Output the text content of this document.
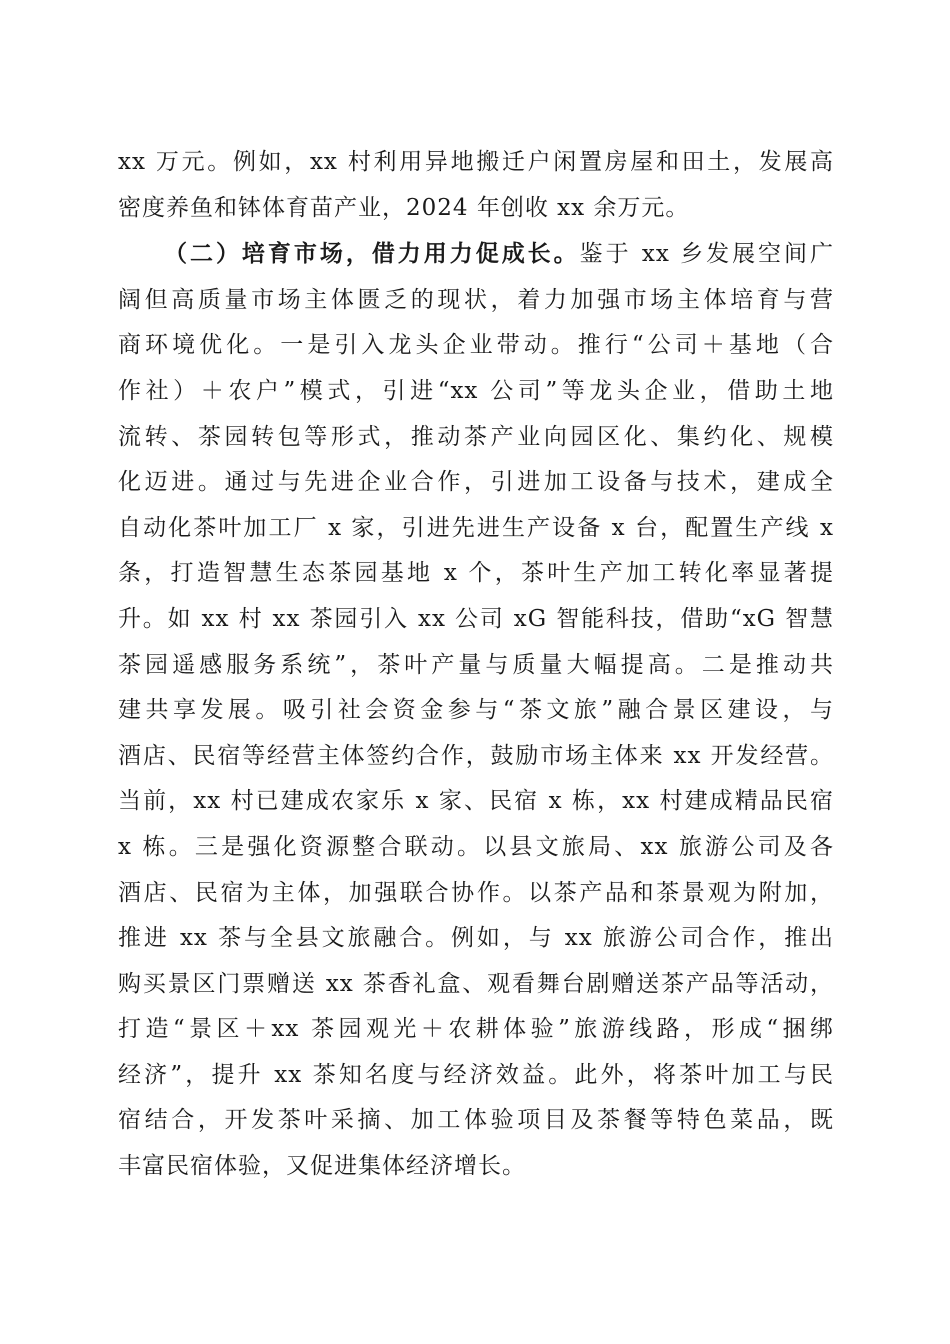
xx 万元。例如，xx 村利用异地搬迁户闲置房屋和田土，发展高
密度养鱼和钵体育苗产业，2024 年创收 xx 余万元。
（二）培育市场，借力用力促成长。鉴于 xx 乡发展空间广
阔但高质量市场主体匮乏的现状，着力加强市场主体培育与营
商环境优化。一是引入龙头企业带动。推行“公司＋基地（合
作社）＋农户”模式，引进“xx 公司”等龙头企业，借助土地
流转、茶园转包等形式，推动茶产业向园区化、集约化、规模
化迈进。通过与先进企业合作，引进加工设备与技术，建成全
自动化茶叶加工厂 x 家，引进先进生产设备 x 台，配置生产线 x
条，打造智慧生态茶园基地 x 个，茶叶生产加工转化率显著提
升。如 xx 村 xx 茶园引入 xx 公司 xG 智能科技，借助“xG 智慧
茶园遥感服务系统”，茶叶产量与质量大幅提高。二是推动共
建共享发展。吸引社会资金参与“茶文旅”融合景区建设，与
酒店、民宿等经营主体签约合作，鼓励市场主体来 xx 开发经营。
当前，xx 村已建成农家乐 x 家、民宿 x 栋，xx 村建成精品民宿
x 栋。三是强化资源整合联动。以县文旅局、xx 旅游公司及各
酒店、民宿为主体，加强联合协作。以茶产品和茶景观为附加，
推进 xx 茶与全县文旅融合。例如，与 xx 旅游公司合作，推出
购买景区门票赠送 xx 茶香礼盒、观看舞台剧赠送茶产品等活动，
打造“景区＋xx 茶园观光＋农耕体验”旅游线路，形成“捆绑
经济”，提升 xx 茶知名度与经济效益。此外，将茶叶加工与民
宿结合，开发茶叶采摘、加工体验项目及茶餐等特色菜品，既
丰富民宿体验，又促进集体经济增长。
